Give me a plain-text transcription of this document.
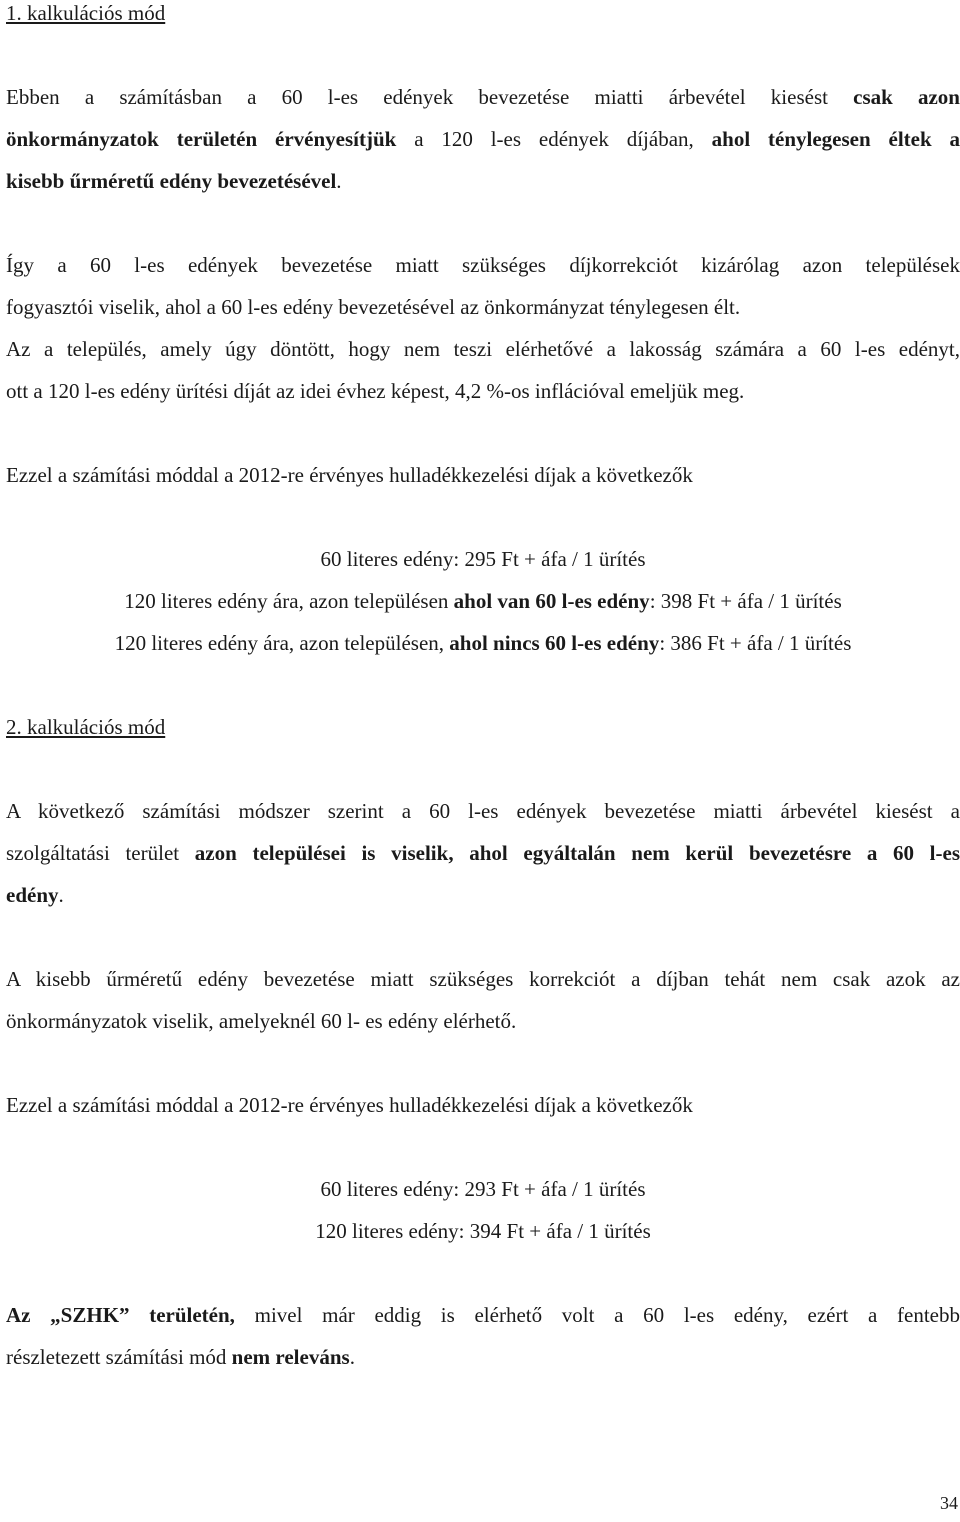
1. kalkulációs mód
Ebben a számításban a 60 l-es edények bevezetése miatti árbevétel kiesést csak azon
önkormányzatok területén érvényesítjük a 120 l-es edények díjában, ahol ténylegesen éltek a
kisebb űrméretű edény bevezetésével.
Így a 60 l-es edények bevezetése miatt szükséges díjkorrekciót kizárólag azon települések
fogyasztói viselik, ahol a 60 l-es edény bevezetésével az önkormányzat ténylegesen élt.
Az a település, amely úgy döntött, hogy nem teszi elérhetővé a lakosság számára a 60 l-es edényt,
ott a 120 l-es edény ürítési díját az idei évhez képest, 4,2 %-os inflációval emeljük meg.
Ezzel a számítási móddal a 2012-re érvényes hulladékkezelési díjak a következők
60 literes edény: 295 Ft + áfa / 1 ürítés
120 literes edény ára, azon településen ahol van 60 l-es edény: 398 Ft + áfa / 1 ürítés
120 literes edény ára, azon településen, ahol nincs 60 l-es edény: 386 Ft + áfa / 1 ürítés
2. kalkulációs mód
A következő számítási módszer szerint a 60 l-es edények bevezetése miatti árbevétel kiesést a
szolgáltatási terület azon települései is viselik, ahol egyáltalán nem kerül bevezetésre a 60 l-es
edény.
A kisebb űrméretű edény bevezetése miatt szükséges korrekciót a díjban tehát nem csak azok az
önkormányzatok viselik, amelyeknél 60 l- es edény elérhető.
Ezzel a számítási móddal a 2012-re érvényes hulladékkezelési díjak a következők
60 literes edény: 293 Ft + áfa / 1 ürítés
120 literes edény: 394 Ft + áfa / 1 ürítés
Az „SZHK” területén, mivel már eddig is elérhető volt a 60 l-es edény, ezért a fentebb
részletezett számítási mód nem releváns.
34
